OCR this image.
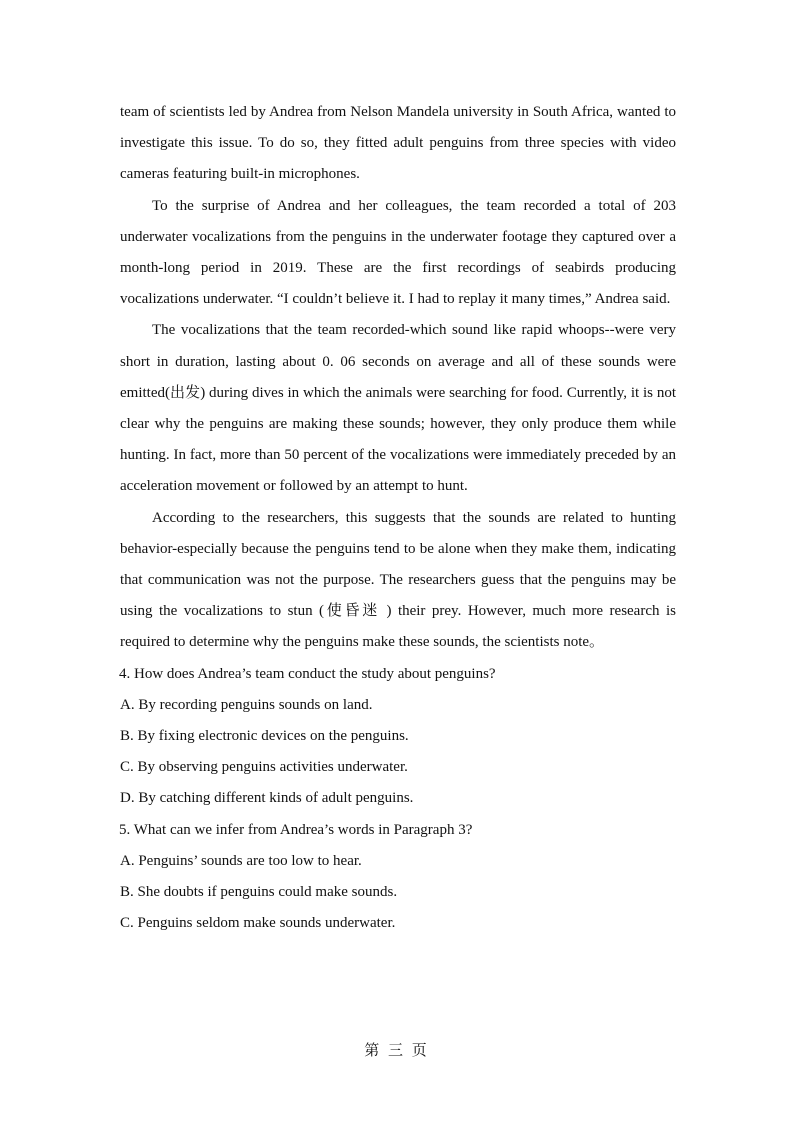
team of scientists led by Andrea from Nelson Mandela university in South Africa, wanted to investigate this issue. To do so, they fitted adult penguins from three species with video cameras featuring built-in microphones.

To the surprise of Andrea and her colleagues, the team recorded a total of 203 underwater vocalizations from the penguins in the underwater footage they captured over a month-long period in 2019. These are the first recordings of seabirds producing vocalizations underwater. “I couldn’t believe it. I had to replay it many times,” Andrea said.

The vocalizations that the team recorded-which sound like rapid whoops--were very short in duration, lasting about 0. 06 seconds on average and all of these sounds were emitted(出发) during dives in which the animals were searching for food. Currently, it is not clear why the penguins are making these sounds; however, they only produce them while hunting. In fact, more than 50 percent of the vocalizations were immediately preceded by an acceleration movement or followed by an attempt to hunt.

According to the researchers, this suggests that the sounds are related to hunting behavior-especially because the penguins tend to be alone when they make them, indicating that communication was not the purpose. The researchers guess that the penguins may be using the vocalizations to stun (使昏迷 ) their prey. However, much more research is required to determine why the penguins make these sounds, the scientists note。

4. How does Andrea’s team conduct the study about penguins?

A. By recording penguins sounds on land.

B. By fixing electronic devices on the penguins.

C. By observing penguins activities underwater.

D. By catching different kinds of adult penguins.

5. What can we infer from Andrea’s words in Paragraph 3?

A. Penguins’ sounds are too low to hear.

B. She doubts if penguins could make sounds.

C. Penguins seldom make sounds underwater.

第 三 页
